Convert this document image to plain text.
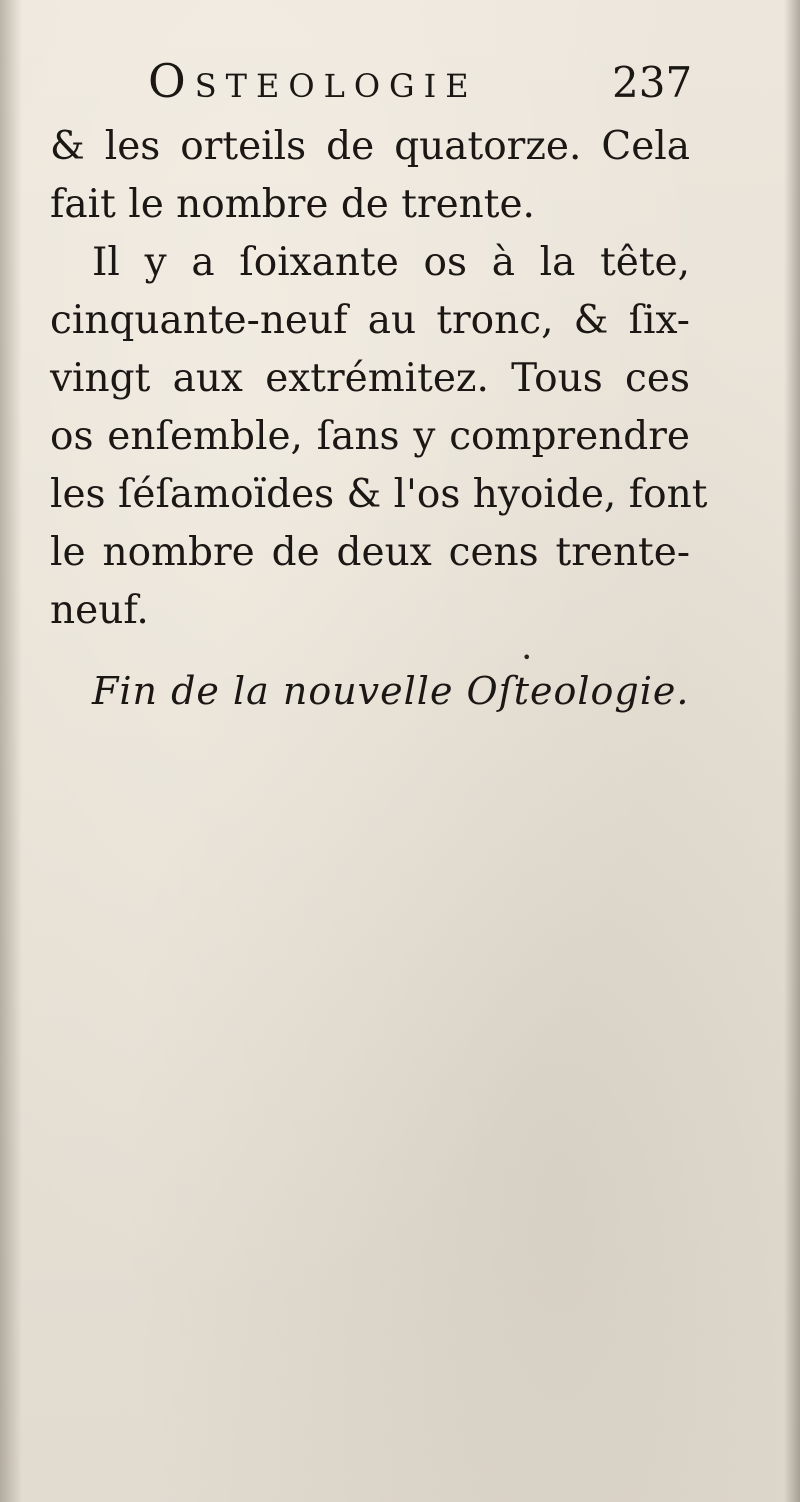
Osteologie	237
& les orteils de quatorze. Cela
fait le nombre de trente.
Il y a ſoixante os à la tête,
cinquante-neuf au tronc, & ſix-
vingt aux extrémitez. Tous ces
os enſemble, ſans y comprendre
les ſéſamoïdes & l'os hyoide, font
le nombre de deux cens trente-
neuf.
•
Fin de la nouvelle Oſteologie.
